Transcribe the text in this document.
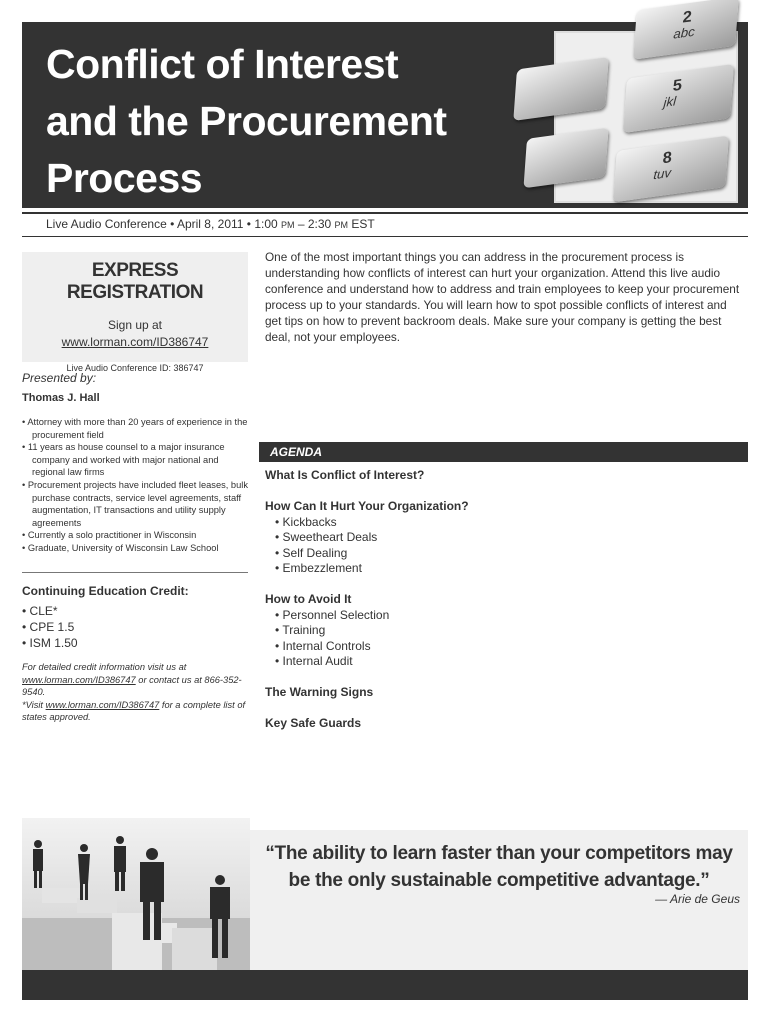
Conflict of Interest
and the Procurement
Process
2
abc
5
jkl
8
tuv
Live Audio Conference • April 8, 2011 • 1:00 PM – 2:30 PM EST
EXPRESS REGISTRATION
Sign up at
www.lorman.com/ID386747
Live Audio Conference ID: 386747
Presented by:
Thomas J. Hall
• Attorney with more than 20 years of experience in the procurement field
• 11 years as house counsel to a major insurance company and worked with major national and regional law firms
• Procurement projects have included fleet leases, bulk purchase contracts, service level agreements, staff augmentation, IT transactions and utility supply agreements
• Currently a solo practitioner in Wisconsin
• Graduate, University of Wisconsin Law School
Continuing Education Credit:
• CLE*
• CPE 1.5
• ISM 1.50
For detailed credit information visit us at www.lorman.com/ID386747 or contact us at 866-352-9540.
*Visit www.lorman.com/ID386747 for a complete list of states approved.
One of the most important things you can address in the procurement process is understanding how conflicts of interest can hurt your organization. Attend this live audio conference and understand how to address and train employees to keep your procurement process up to your standards. You will learn how to spot possible conflicts of interest and get tips on how to prevent backroom deals. Make sure your company is getting the best deal, not your employees.
AGENDA
What Is Conflict of Interest?
How Can It Hurt Your Organization?
• Kickbacks
• Sweetheart Deals
• Self Dealing
• Embezzlement
How to Avoid It
• Personnel Selection
• Training
• Internal Controls
• Internal Audit
The Warning Signs
Key Safe Guards
“The ability to learn faster than your competitors may be the only sustainable competitive advantage.”
— Arie de Geus
